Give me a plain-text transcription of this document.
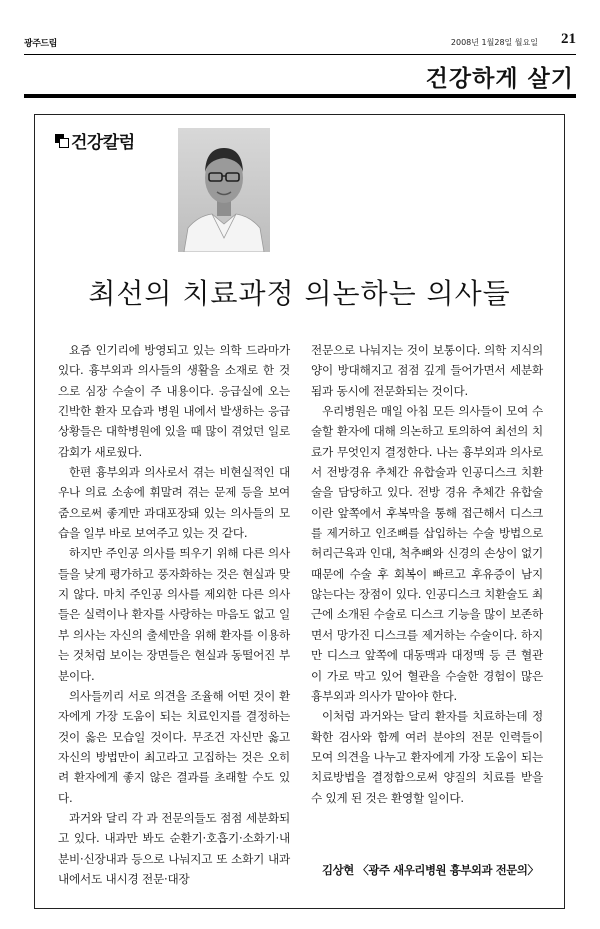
광주드림	2008년 1월28일 월요일 21
건강하게 살기
건강칼럼
최선의 치료과정 의논하는 의사들

요즘 인기리에 방영되고 있는 의학 드라마가 있다. 흉부외과 의사들의 생활을 소재로 한 것으로 심장 수술이 주 내용이다. 응급실에 오는 긴박한 환자 모습과 병원 내에서 발생하는 응급 상황들은 대학병원에 있을 때 많이 겪었던 일로 감회가 새로웠다.

한편 흉부외과 의사로서 겪는 비현실적인 대우나 의료 소송에 휘말려 겪는 문제 등을 보여줌으로써 좋게만 과대포장돼 있는 의사들의 모습을 일부 바로 보여주고 있는 것 같다.

하지만 주인공 의사를 띄우기 위해 다른 의사들을 낮게 평가하고 풍자화하는 것은 현실과 맞지 않다. 마치 주인공 의사를 제외한 다른 의사들은 실력이나 환자를 사랑하는 마음도 없고 일부 의사는 자신의 출세만을 위해 환자를 이용하는 것처럼 보이는 장면들은 현실과 동떨어진 부분이다.

의사들끼리 서로 의견을 조율해 어떤 것이 환자에게 가장 도움이 되는 치료인지를 결정하는 것이 옳은 모습일 것이다. 무조건 자신만 옳고 자신의 방법만이 최고라고 고집하는 것은 오히려 환자에게 좋지 않은 결과를 초래할 수도 있다.

과거와 달리 각 과 전문의들도 점점 세분화되고 있다. 내과만 봐도 순환기·호흡기·소화기·내분비·신장내과 등으로 나눠지고 또 소화기 내과 내에서도 내시경 전문·대장

전문으로 나눠지는 것이 보통이다. 의학 지식의 양이 방대해지고 점점 깊게 들어가면서 세분화됨과 동시에 전문화되는 것이다.

우리병원은 매일 아침 모든 의사들이 모여 수술할 환자에 대해 의논하고 토의하여 최선의 치료가 무엇인지 결정한다. 나는 흉부외과 의사로서 전방경유 추체간 유합술과 인공디스크 치환술을 담당하고 있다. 전방 경유 추체간 유합술이란 앞쪽에서 후복막을 통해 접근해서 디스크를 제거하고 인조뼈를 삽입하는 수술 방법으로 허리근육과 인대, 척추뼈와 신경의 손상이 없기 때문에 수술 후 회복이 빠르고 후유증이 남지 않는다는 장점이 있다. 인공디스크 치환술도 최근에 소개된 수술로 디스크 기능을 많이 보존하면서 망가진 디스크를 제거하는 수술이다. 하지만 디스크 앞쪽에 대동맥과 대정맥 등 큰 혈관이 가로 막고 있어 혈관을 수술한 경험이 많은 흉부외과 의사가 맡아야 한다.

이처럼 과거와는 달리 환자를 치료하는데 정확한 검사와 함께 여러 분야의 전문 인력들이 모여 의견을 나누고 환자에게 가장 도움이 되는 치료방법을 결정함으로써 양질의 치료를 받을 수 있게 된 것은 환영할 일이다.

김상현 〈광주 새우리병원 흉부외과 전문의〉
